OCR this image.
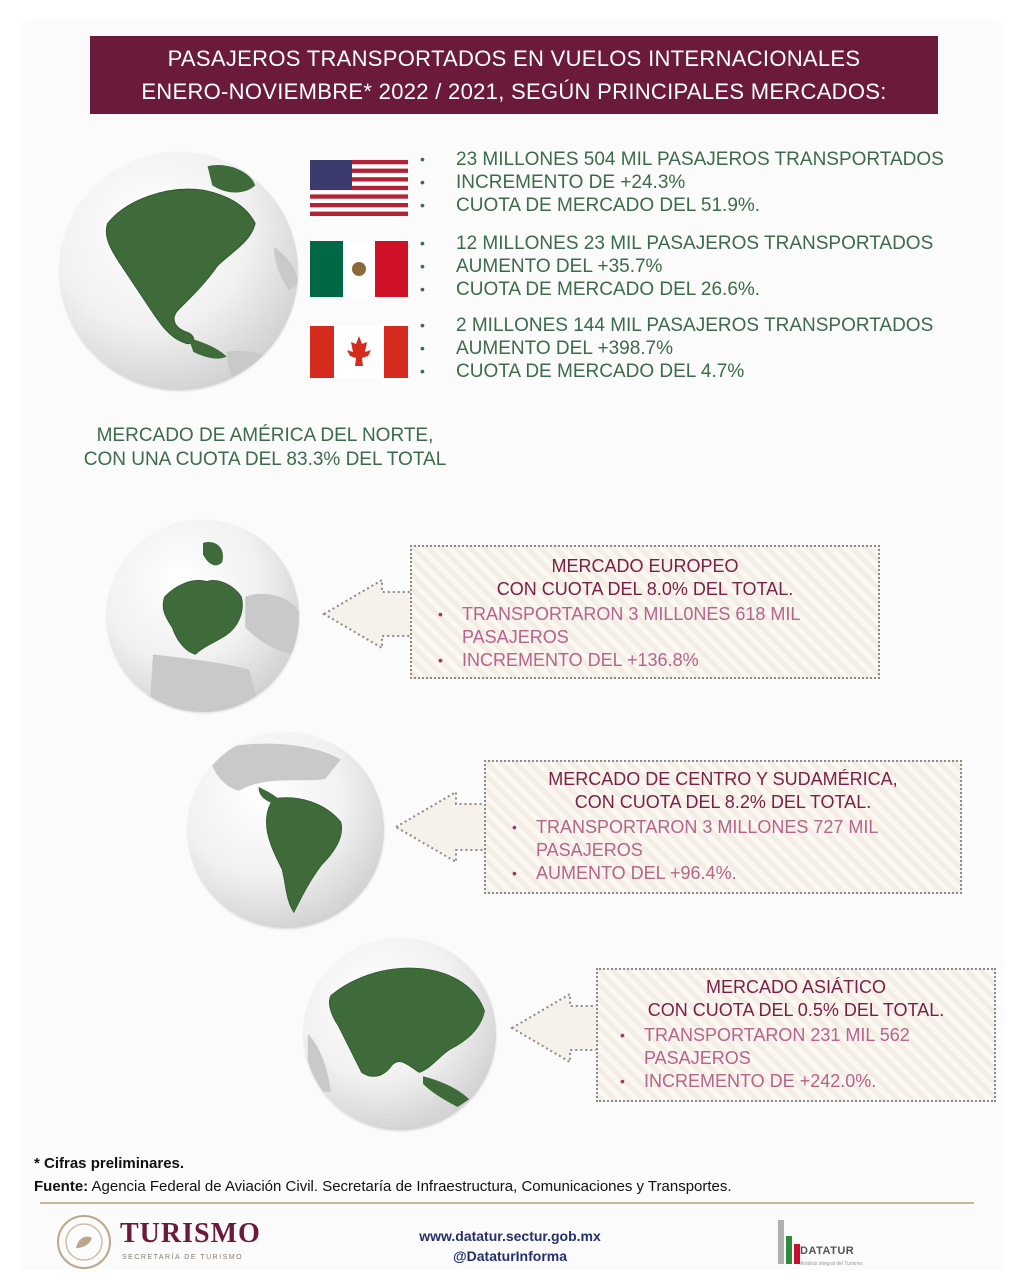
PASAJEROS TRANSPORTADOS EN VUELOS INTERNACIONALES
ENERO-NOVIEMBRE* 2022 / 2021, SEGÚN PRINCIPALES MERCADOS:
• 23 MILLONES 504 MIL PASAJEROS TRANSPORTADOS
• INCREMENTO DE +24.3%
• CUOTA DE MERCADO DEL 51.9%.
• 12 MILLONES 23 MIL PASAJEROS TRANSPORTADOS
• AUMENTO DEL +35.7%
• CUOTA DE MERCADO DEL 26.6%.
• 2 MILLONES 144 MIL PASAJEROS TRANSPORTADOS
• AUMENTO DEL +398.7%
• CUOTA DE MERCADO DEL 4.7%
MERCADO DE AMÉRICA DEL NORTE,
CON UNA CUOTA DEL 83.3% DEL TOTAL
MERCADO EUROPEO
CON CUOTA DEL 8.0% DEL TOTAL.
• TRANSPORTARON 3 MILL0NES 618 MIL PASAJEROS
• INCREMENTO DEL +136.8%
MERCADO DE CENTRO Y SUDAMÉRICA,
CON CUOTA DEL 8.2% DEL TOTAL.
• TRANSPORTARON 3 MILLONES 727 MIL PASAJEROS
• AUMENTO DEL +96.4%.
MERCADO ASIÁTICO
CON CUOTA DEL 0.5% DEL TOTAL.
• TRANSPORTARON 231 MIL 562 PASAJEROS
• INCREMENTO DE +242.0%.
* Cifras preliminares.
Fuente: Agencia Federal de Aviación Civil. Secretaría de Infraestructura, Comunicaciones y Transportes.
TURISMO
SECRETARÍA DE TURISMO
www.datatur.sectur.gob.mx
@DataturInforma	DATATUR
Análisis integral del Turismo
